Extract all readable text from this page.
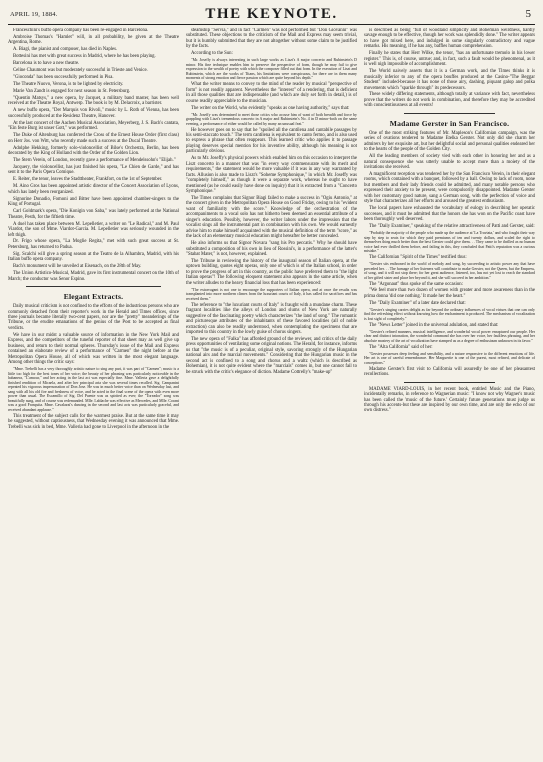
APRIL 19, 1884.	THE KEYNOTE.	5

Franceschini's buffo opera company has been re-engaged in Barcelona.

Ambroise Thomas's "Hamlet" will, in all probability, be given at the Theatre Argentina, Rome.

A. Biagi, the pianist and composer, has died in Naples.

Bottesini has met with great success in Madrid, where he has been playing.

Barcelona is to have a new theatre.

Celine Chaumont was but moderately successful in Trieste and Venice.

"Gioconda" has been successfully performed in Pisa.

The Theatre Nuovo, Verona, is to be lighted by electricity.

Marie Van Zandt is engaged for next season in St. Petersburg.

"Quentin Matsys," a new opera, by Jacquet, a military band master, has been well received at the Theatre Royal, Antwerp. The book is by M. Delacroix, a barrister.

A new buffo opera, "Der Marquis von Rivoli," music by L. Roth of Vienna, has been successfully produced at the Residenz Theatre, Hanover.

At the last concert of the Aachen Musical Association, Meyerberg, J. S. Bach's cantata, "Ein feste Burg ist unser Gott," was performed.

The Duke of Altenburg has conferred the Cross of the Ernest House Order (first class) on Herr Jos. von Witt, who recently made such a success at the Ducal Theatre.

Adolphe Hekking, formerly solo-violoncellist of Bilse's Orchestra, Berlin, has been decorated by the King of Holland with the Order of the Golden Lion.

The Stern Verein, of London, recently gave a performance of Mendelssohn's "Elijah."

Jacquery, the violoncellist, has just finished his opera, "Le Chien de Garde," and has sent it to the Paris Opera Comique.

E. Reiter, the tenor, leaves the Stadttheater, Frankfort, on the 1st of September.

M. Aino Gros has been appointed artistic director of the Concert Association of Lyons, which has lately been reorganized.

Signorine Donadio, Fomoni and Bitter have been appointed chamber-singers to the King of Portugal.

Carl Goldmark's opera, "Die Konigin von Saba," was lately performed at the National Theatre, Pesth, for the fiftieth time.

A duel has taken place between M. Lepelletier, a writer on "Le Radical," and M. Paul Viardot, the son of Mme. Viardot-Garcia. M. Lepelletier was seriously wounded in the left thigh.

Dr. Frigo whose opera, "La Moglie Regita," met with such great success at St. Petersburg, has returned to Padua.

Sig. Scalchi will give a spring season at the Teatro de la Alhambra, Madrid, with his Italian buffo opera company.

Bach's monument will be unveiled at Eisenach, on the 28th of May.

The Union Artistico-Musical, Madrid, gave its first instrumental concert on the 10th of March; the conductor was Senor Espino.

Elegant Extracts.

Daily musical criticism is not confined to the efforts of the industrious persons who are commonly detached from their reporter's work in the Herald and Times offices, since three journals became literally two-cent papers, nor are the "pretty" meanderings of the Tribune, or the erudite emanations of the genius of the Post to be accepted as final verdicts.

We have in our midst a valuable source of information in the New York Mail and Express, and the competitors of the tuneful reporter of that sheet may as well give up business, and return to their normal spheres. Thursday's issue of the Mail and Express contained an elaborate review of a performance of "Carmen" the night before at the Metropolitan Opera House, all of which was written in the most elegant language. Among other things the critic says:

"Mme. Trebelli has a very thoroughly artistic nature to sing any part, it was part of "Carmen"; music is a little too high for the best tones of her voice; the beauty of her phrasing was particularly noticeable in the habanera, "L'amour," and her acting in the last act was especially fine. Mme. Valleria gave a delightfully finished rendition of Micaela, and after her principal aria she was several times recalled. Sig. Campanini repeated his vigorous impersonation of Don Jose. He was in much better voice than on Wednesday last, and sang with all his old fire and freshness of voice, and he acted in the final scene of the opera with even more power than usual. The Escamillo of Sig. Del Puente was as spirited as ever; the "Toreador" song was beautifully sung, and of course was redemanded. Mlle. Lablache was effective as Mercedes, and Mlle. Corani was a good Frasquita. Mme. Cavalazzi's dancing in the second and last acts was particularly graceful, and received abundant applause."

This treatment of the subject calls for the warmest praise. But at the same time it may be suggested, without captiousness, that Wednesday evening it was announced that Mme. Trebelli was sick in bed, Mme. Valleria had gone to Liverpool in the afternoon in the

steamship "Servia," and in fact "Carmen" was not performed but "Don Giovanni" was substituted. These objections to the criticism of the Mail and Express may seem trivial, but it is humbly submitted that they are not altogether without some claim to be justified by the facts.

According to the Sun:

"Mr. Joseffy is always interesting in such large works as Liszt's A major concerto and Rubinstein's D minor. His fine technique enables him to preserve the perspective of form, though he may fail to give expression to the wealth of poetry with which the composer filled out that form. In the execution of Liszt and Rubinstein, which are the works of Titans, his limitations were conspicuous, for there are in them many moments of strong emotion and fierce passion which are quite beyond his depth."

What the writer means to convey to the mind of the reader by musical "perspective of form" is not readily apparent. Nevertheless the "interest" of a rendering, that is deficient in all those qualities that are indispensable (and which are duly set forth in detail,) is of course readily appreciable to the musician.

The writer on the World, who evidently "speaks as one having authority," says that:

"Mr. Joseffy was determined to meet those critics who accuse him of want of both breadth and force by grappling with Liszt's tremendous concerto in A major and Rubinstein's No. 4 in D minor-both on the same evening, a performance of either would be called by many an unusual feat."

He however goes on to say that he "spoiled all the cantilena and cantabile passages by his semi-staccato touch." The term cantilena is equivalent to canto fermo, and is also used to express a phrase that often reappears. This learned critic who applies it to passage playing deserves special mention for his inventive ability, although his meaning is not particularly obvious.

As to Mr. Joseffy's physical powers which enabled him on this occasion to interpret the Liszt concerto in a manner that was "in every way commensurate with its merit and requirements," the statement would be more valuable if it was in any way warranted by facts. Allusion is also made to Liszt's "Soheme Symphonique," in which Mr. Joseffy was "completely himself," as though it were a separate work, whereas he ought to have mentioned (as he could easily have done on inquiry) that it is extracted from a "Concerto Symphonique."

The Times complains that Signor Biagi failed to make a success in "Ogiu Antonio," at the concert given in the Metropolitan Opera House on Good Friday, owing to his "evident want of familiarity with the score." Knowledge of the orchestration of the accompaniments to a vocal solo has not hitherto been deemed an essential attribute of a singer's education. Possibly, however, the writer labors under the impression that the vocalist sings all the instrumental part in combination with his own. We would earnestly advise him to make himself acquainted with the musical definition of the term "score," as the lack of an elementary musical education might hereafter be better concealed.

He also informs us that Signor Novara "sang his Pro peccatis." Why he should have substituted a composition of his own in lieu of Rossini's, in a performance of the latter's "Stabat Mater," is not, however, explained.

The Tribune in reviewing the history of the inaugural season of Italian opera, at the uptown building, quotes eight operas, only one of which is of the Italian school, in order to prove the progress of art in this country, as the public have preferred them to "the light Italian operas"! The following eloquent statement also appears in the same article, when the writer alludes to the heavy financial loss that has been experienced:

"The extravagant is not one to encourage the supporters of Italian opera, and at once the results was transplanted into more northern climes from the luxuriant courts of Italy, it has called for sacrifices and has received them."

The reference to "the luxuriant courts of Italy" is fraught with a mundane charm. These fragrant localities like the alleys of London and slums of New York are naturally suggestive of the fascinating poetry which characterizes "the land of song." The romantic and picturesque attributes of the inhabitants of these favored localities (all of noble extraction) can also be readily understood, when contemplating the specimens that are imported to this country in the lowly guise of chorus singers.

The new opera of "Falka" has afforded ground of the reviewer, and critics of the daily press opportunities of ventilating some original notions. The Herald, for instance, informs us that "the music is of a peculiar, original style, savoring strongly of the Hungarian national airs and the marcial movements." Considering that the Hungarian music in the second act is confined to a song and chorus and a waltz (which is described as Bohemian), it is not quite evident where the "marcials" comes in, but one cannot fail to be struck with the critic's elegance of diction. Madame Cottrelly's "make-up"

is described as being "full of woodland simplicity and Bohemian weirdness, hardly savage enough to be effective, though her work was splendidly done." The writer appears to have got mixed here, and indulged in some singularly contradictory and vague remarks. His meaning, if he has any, baffles human comprehension.

Finally he states that Herr Wilke, the tenor, "has an unfortunate tremolo in his lower register." This is, of course, untrue; and, in fact, such a fault would be phenomenal, as it is well nigh impossible of accomplishment.

The World naively asserts that it is a German work, and the Times thinks it is musically inferior to any of the opera bouffes produced at the Casino-"The Beggar Student" included-because it has none of those airy, dashing, piquant galop and polka movements which "sparkle through" its predecessors.

These widely differing statements, although totally at variance with fact, nevertheless prove that the writers do not work in combination, and therefore they may be accredited with conscientiousness at all events!

Madame Gerster in San Francisco.

One of the most striking features of Mr. Mapleson's Californian campaign, was the series of ovations tendered to Madame Etelka Gerster. Not only did she charm her admirers by her exquisite art, but her delightful social and personal qualities endeared her to the hearts of the people of the Golden City.

All the leading members of society vied with each other in honoring her and as a natural consequence she was utterly unable to accept more than a moiety of the invitations she received.

A magnificent reception was tendered her by the San Francisco Verein, in their elegant rooms, which contained with a banquet, followed by a ball. Owing to lack of room, none but members and their lady friends could be admitted, and many notable persons who expressed their anxiety to be present, were compulsorily disappointed. Madame Gerster with her customary good nature, sang a German song, with the perfection of voice and style that characterizes all her efforts and aroused the greatest enthusiasm.

The local papers have exhausted the vocabulary of eulogy in describing her operatic successes, and it must be admitted that the honors she has won on the Pacific coast have been thoroughly well deserved.

The "Daily Examiner," speaking of the relative attractiveness of Patti and Gerster, said:

"Probably the majority of the people who made up the audience at 'La Traviata,' and who fought their way step by step to seats for which they paid premiums of ten and twenty dollars, and scaled the right to themselves thing much better than the best Gerster could give them. . . They came to be thrilled as no human voice had ever thrilled them before, and failing in this, they concluded that Patti's reputation was a curious mistake."

The Californian "Spirit of the Times" testified thus:

"Gerster sits enthroned in the world of melody and song, by succeeding to artistic power any that have preceded her. . . The homage of her listeners will contribute to make Gerster, not the Queen, but the Empress, of song, and it will not stop there; for her great audience, listened, too, has not yet lost to reach the standard of her gifted sister and place her beyond it, and she will succeed in her ambition."

The "Argonaut" thus spoke of the same occasion:

"We feel more than two dozen of women with greater and more awareness than in the prima donna 'did one nothing.' It made her the heart."

The "Daily Examiner" of a later date declared that:

"Gerster's singing carries delight as far beyond the ordinary influences of vocal virtues that one can only find the refreshing effect without knowing how the enchantment is produced. The mechanism of vocalization is lost sight of completely."

The "News Letter" joined in the universal adulation, and stated that:

"Gerster's refined manners, musical intelligence, and wonderful vocal power enraptured our people. Her clear and distinct intonation, the wonderful command she has over her voice, her faultless phrasing, and her absolute mastery of the art of vocalization have stamped us as a degree of enthusiasm unknown in its favor."

The "Alta California" said of her:

"Gerster possesses deep feeling and sensibility, and a nature responsive to the different emotions of life. Her art is one of careful remembrance. Her Marguerite is one of the purest, most refined, and delicate of conceptions."

Madame Gerster's first visit to California will assuredly be one of her pleasantest recollections.

MADAME VIARD-LOUIS, in her recent book, entitled Music and the Piano, incidentally remarks, in reference to Wagnerian music: "I know not why Wagner's music has been called the 'music of the future.' Certainly future generations must judge us through his accents-but these are inspired by our own time, and are only the echo of our own distress."
